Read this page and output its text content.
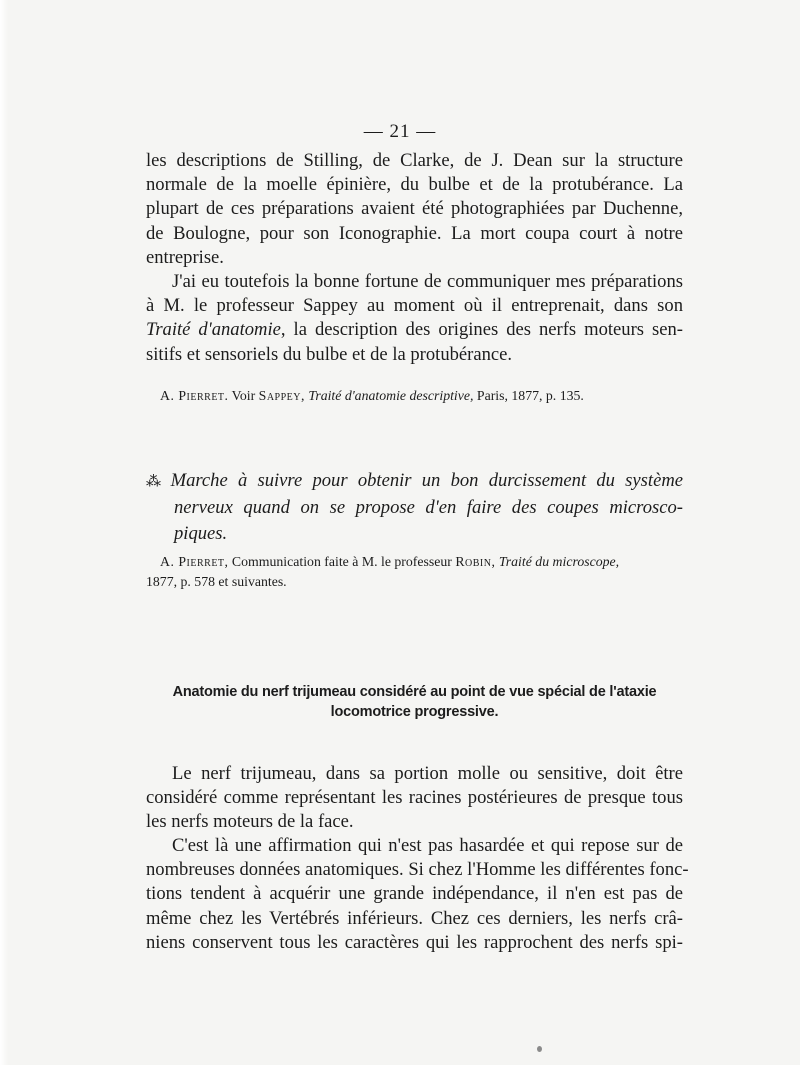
— 21 —

les descriptions de Stilling, de Clarke, de J. Dean sur la structure
normale de la moelle épinière, du bulbe et de la protubérance. La
plupart de ces préparations avaient été photographiées par Duchenne,
de Boulogne, pour son Iconographie. La mort coupa court à notre
entreprise.

J'ai eu toutefois la bonne fortune de communiquer mes préparations
à M. le professeur Sappey au moment où il entreprenait, dans son
Traité d'anatomie, la description des origines des nerfs moteurs sen-
sitifs et sensoriels du bulbe et de la protubérance.

A. Pierret. Voir Sappey, Traité d'anatomie descriptive, Paris, 1877, p. 135.

⁂ Marche à suivre pour obtenir un bon durcissement du système
nerveux quand on se propose d'en faire des coupes microsco-
piques.

A. Pierret, Communication faite à M. le professeur Robin, Traité du microscope,
1877, p. 578 et suivantes.

Anatomie du nerf trijumeau considéré au point de vue spécial de l'ataxie
locomotrice progressive.

Le nerf trijumeau, dans sa portion molle ou sensitive, doit être
considéré comme représentant les racines postérieures de presque tous
les nerfs moteurs de la face.

C'est là une affirmation qui n'est pas hasardée et qui repose sur de
nombreuses données anatomiques. Si chez l'Homme les différentes fonc-
tions tendent à acquérir une grande indépendance, il n'en est pas de
même chez les Vertébrés inférieurs. Chez ces derniers, les nerfs crâ-
niens conservent tous les caractères qui les rapprochent des nerfs spi-
